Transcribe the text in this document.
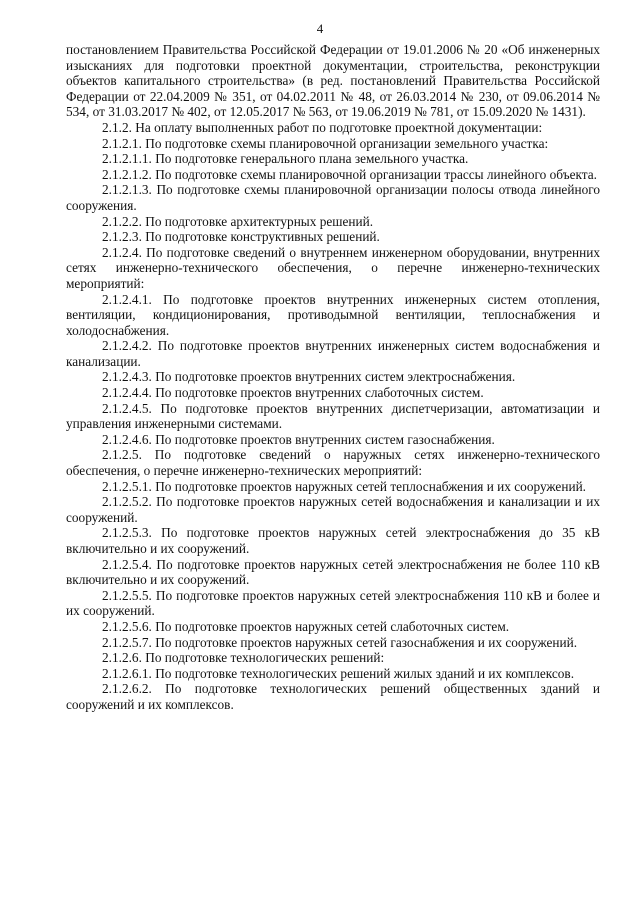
4

постановлением Правительства Российской Федерации от 19.01.2006 № 20 «Об инженерных изысканиях для подготовки проектной документации, строительства, реконструкции объектов капитального строительства» (в ред. постановлений Правительства Российской Федерации от 22.04.2009 № 351, от 04.02.2011 № 48, от 26.03.2014 № 230, от 09.06.2014 № 534, от 31.03.2017 № 402, от 12.05.2017 № 563, от 19.06.2019 № 781, от 15.09.2020 № 1431).

2.1.2. На оплату выполненных работ по подготовке проектной документации:

2.1.2.1. По подготовке схемы планировочной организации земельного участка:

2.1.2.1.1. По подготовке генерального плана земельного участка.

2.1.2.1.2. По подготовке схемы планировочной организации трассы линейного объекта.

2.1.2.1.3. По подготовке схемы планировочной организации полосы отвода линейного сооружения.

2.1.2.2. По подготовке архитектурных решений.

2.1.2.3. По подготовке конструктивных решений.

2.1.2.4. По подготовке сведений о внутреннем инженерном оборудовании, внутренних сетях инженерно-технического обеспечения, о перечне инженерно-технических мероприятий:

2.1.2.4.1. По подготовке проектов внутренних инженерных систем отопления, вентиляции, кондиционирования, противодымной вентиляции, теплоснабжения и холодоснабжения.

2.1.2.4.2. По подготовке проектов внутренних инженерных систем водоснабжения и канализации.

2.1.2.4.3. По подготовке проектов внутренних систем электроснабжения.

2.1.2.4.4. По подготовке проектов внутренних слаботочных систем.

2.1.2.4.5. По подготовке проектов внутренних диспетчеризации, автоматизации и управления инженерными системами.

2.1.2.4.6. По подготовке проектов внутренних систем газоснабжения.

2.1.2.5. По подготовке сведений о наружных сетях инженерно-технического обеспечения, о перечне инженерно-технических мероприятий:

2.1.2.5.1. По подготовке проектов наружных сетей теплоснабжения и их сооружений.

2.1.2.5.2. По подготовке проектов наружных сетей водоснабжения и канализации и их сооружений.

2.1.2.5.3. По подготовке проектов наружных сетей электроснабжения до 35 кВ включительно и их сооружений.

2.1.2.5.4. По подготовке проектов наружных сетей электроснабжения не более 110 кВ включительно и их сооружений.

2.1.2.5.5. По подготовке проектов наружных сетей электроснабжения 110 кВ и более и их сооружений.

2.1.2.5.6. По подготовке проектов наружных сетей слаботочных систем.

2.1.2.5.7. По подготовке проектов наружных сетей газоснабжения и их сооружений.

2.1.2.6. По подготовке технологических решений:

2.1.2.6.1. По подготовке технологических решений жилых зданий и их комплексов.

2.1.2.6.2. По подготовке технологических решений общественных зданий и сооружений и их комплексов.
